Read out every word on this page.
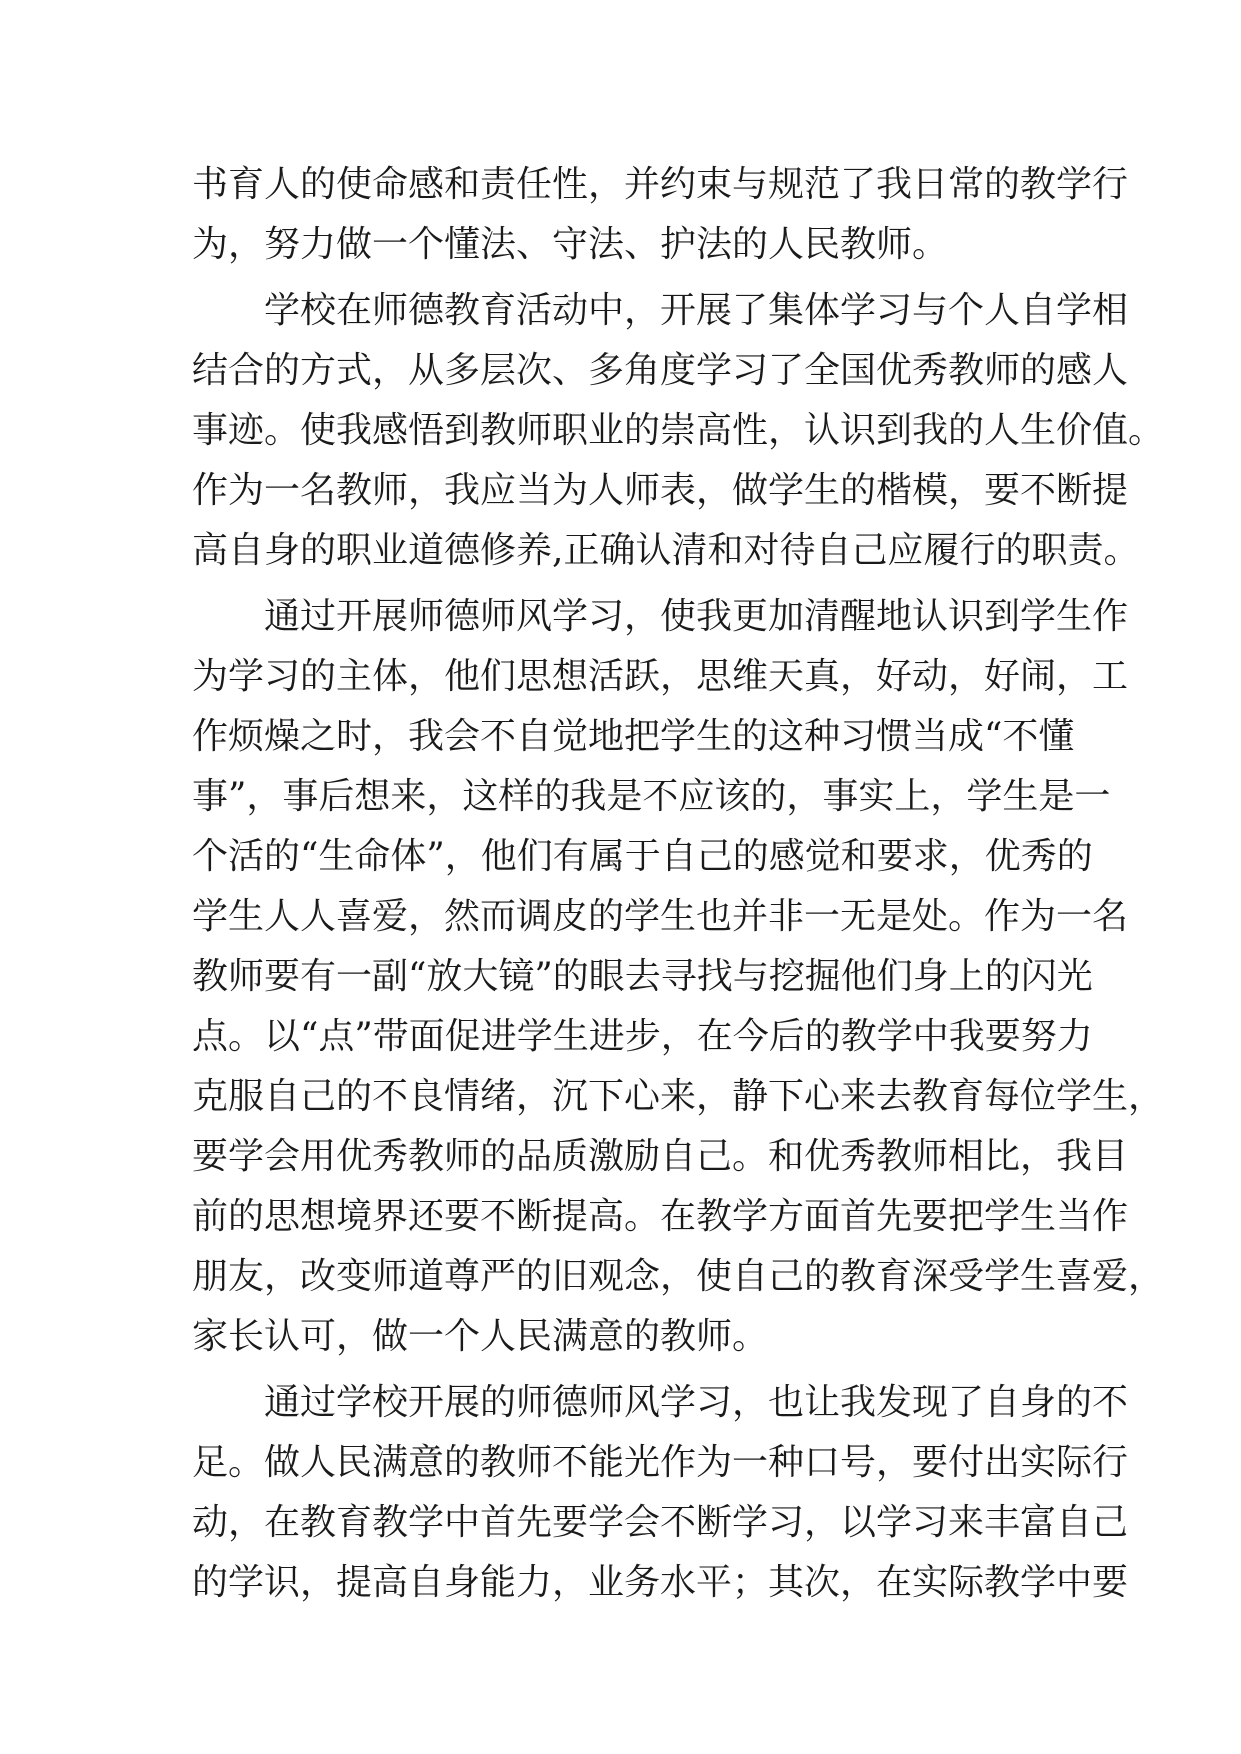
书育人的使命感和责任性，并约束与规范了我日常的教学行
为，努力做一个懂法、守法、护法的人民教师。
学校在师德教育活动中，开展了集体学习与个人自学相
结合的方式，从多层次、多角度学习了全国优秀教师的感人
事迹。使我感悟到教师职业的崇高性，认识到我的人生价值。
作为一名教师，我应当为人师表，做学生的楷模，要不断提
高自身的职业道德修养,正确认清和对待自己应履行的职责。
通过开展师德师风学习，使我更加清醒地认识到学生作
为学习的主体，他们思想活跃，思维天真，好动，好闹，工
作烦燥之时，我会不自觉地把学生的这种习惯当成“不懂
事”，事后想来，这样的我是不应该的，事实上，学生是一
个活的“生命体”，他们有属于自己的感觉和要求，优秀的
学生人人喜爱，然而调皮的学生也并非一无是处。作为一名
教师要有一副“放大镜”的眼去寻找与挖掘他们身上的闪光
点。以“点”带面促进学生进步，在今后的教学中我要努力
克服自己的不良情绪，沉下心来，静下心来去教育每位学生，
要学会用优秀教师的品质激励自己。和优秀教师相比，我目
前的思想境界还要不断提高。在教学方面首先要把学生当作
朋友，改变师道尊严的旧观念，使自己的教育深受学生喜爱，
家长认可，做一个人民满意的教师。
通过学校开展的师德师风学习，也让我发现了自身的不
足。做人民满意的教师不能光作为一种口号，要付出实际行
动，在教育教学中首先要学会不断学习，以学习来丰富自己
的学识，提高自身能力，业务水平；其次，在实际教学中要
